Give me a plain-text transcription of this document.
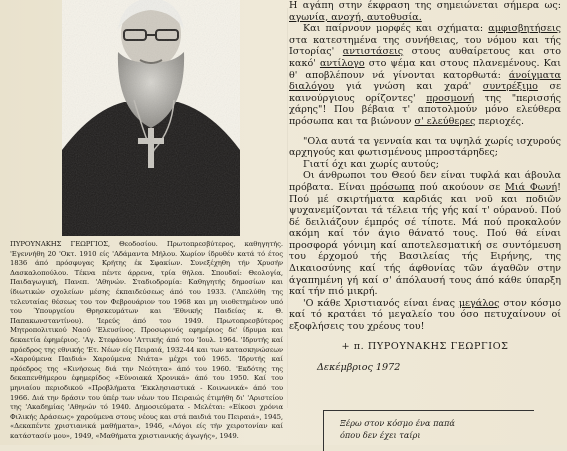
ΠΥΡΟΥΝΑΚΗΣ ΓΕΩΡΓΙΟΣ, Θεοδοσίου. Πρωτοπρεσβύτερος, καθηγητής. 'Εγεννήθη 20 'Οκτ. 1910 είς 'Αδάμαντα Μήλου. Χωρίον ίδρυθέν κατά τό έτος 1836 άπό πρόσφυγας Κρήτης έκ Σφακίων. Συνεξέχηθη τήν Χρυσήν Δασκαλοπούλου. Τέκνα πέντε άρρενα, τρία θήλεα. Σπουδαί: Θεολογία, Παιδαγωγική, Πανεπ. 'Αθηνών. Σταδιοδρομία: Καθηγητής δημοσίων και ίδιωτικών σχολείων μέσης έκπαιδεύσεως άπό του 1933. ('Απελύθη της τελευταίας θέσεως του τον Φεβρουάριον του 1968 και μη υιοθετημένον υπό του Ύπουργείου Θρησκευμάτων και 'Εθνικής Παιδείας κ. Θ. Παπακωνσταντίνου). 'Ιερεύς άπό του 1949. Πρωτοπρεσβύτερος Μητροπολιτικού Ναού 'Ελευσίνος. Προσωρινός εφημέριος δε' ίδρυμα και δεκαετία έφημέριος. 'Αγ. Στεφάνου 'Αττικής άπό του 'Ιουλ. 1964. 'Ιδρυτής καί πρόεδρος της εθνικής 'Ετ. Νέων είς Πειραιά, 1932-44 και των κατασκηνώσεων «Χαρούμενα Παιδιά» Χαρούμενα Νιάτα» μέχρι τού 1965. 'Ιδρυτής καί πρόεδρος της «Κινήσεως διά την Νεότητα» άπό του 1960. 'Εκδότης της δεκαπενθήμερου έφημερίδος «Εύνοιακά Χρονικά» άπό του 1950. Καί του μηνιαίου περιοδικού «Προβλήματα 'Εκκλησιαστικά - Κοινωνικά» άπό του 1966. Διά την δράσιν του ύπέρ των νέων του Πειραιώς έτιμήθη δι' 'Αριστείου της 'Ακαδημίας 'Αθηνών τό 1940. Δημοσιεύματα - Μελέται: «Είκοσι χρόνια Φιλικής Δράσεως» χαρούμενα στους νέους και στά παιδιά του Πειραιά», 1945, «Δεκαπέντε χριστιανικά μαθήματα», 1946, «Λόγοι είς τήν χειροτονίαν καί κατάστασίν μου», 1949, «Μαθήματα χριστιανικής άγωγής», 1949.

Η αγάπη στην έκφραση της σημειώνεται σήμερα ως: αγωνία, ανοχή, αυτοθυσία.

Και παίρνουν μορφές και σχήματα: αμφισβητήσεις στα κατεστημένα της συνήθειας, του νόμου και τής Ιστορίας' αντιστάσεις στους αυθαίρετους και στο κακό' αντίλογο στο ψέμα και στους πλανεμένους. Και θ' αποβλέπουν νά γίνονται κατορθωτά: άνοίγματα διαλόγου γιά γνώση και χαρά' συντρέξιμο σε καινούργιους ορίζοντες' προσμονή της "περισσής χάρης"! Που βέβαια τ' αποτολμούν μόνο ελεύθερα πρόσωπα και τα βιώνουν σ' ελεύθερες περιοχές.

"Ολα αυτά τα γενναία και τα υψηλά χωρίς ισχυρούς αρχηγούς και φωτισμένους μπροστάρηδες;

Γιατί όχι και χωρίς αυτούς;

Οι άνθρωποι του Θεού δεν είναι τυφλά και άβουλα πρόβατα. Είναι πρόσωπα πού ακούουν σε Μιά Φωνή! Πού μέ σκιρτήματα καρδιάς και νοῦ και ποδιῶν ψυχανεμίζονται τά τέλεια τής γής καί τ' ούρανού. Πού δέ δειλιάζουν έμπρός σέ τίποτε. Μά πού προκαλούν ακόμη καί τόν άγιο θάνατό τους. Πού θά είναι προσφορά γόνιμη καί αποτελεσματική σε συντόμευση του έρχομού τής Βασιλείας τής Ειρήνης, της Δικαιοσύνης καί τής άφθονίας τῶν άγαθῶν στην άγαπημένη γή καί σ' άπόλαυσή τους άπό κάθε ύπαρξη καί τήν πιό μικρή.

'Ο κάθε Χριστιανός είναι ένας μεγάλος στον κόσμο καί τό κρατάει τό μεγαλείο του όσο πετυχαίνουν οί εξοφλήσεις του χρέους του!

+ π. ΠΥΡΟΥΝΑΚΗΣ ΓΕΩΡΓΙΟΣ
Δεκέμβριος 1972
Ξέρω στον κόσμο ένα παπά
όπου δεν έχει ταίρι
